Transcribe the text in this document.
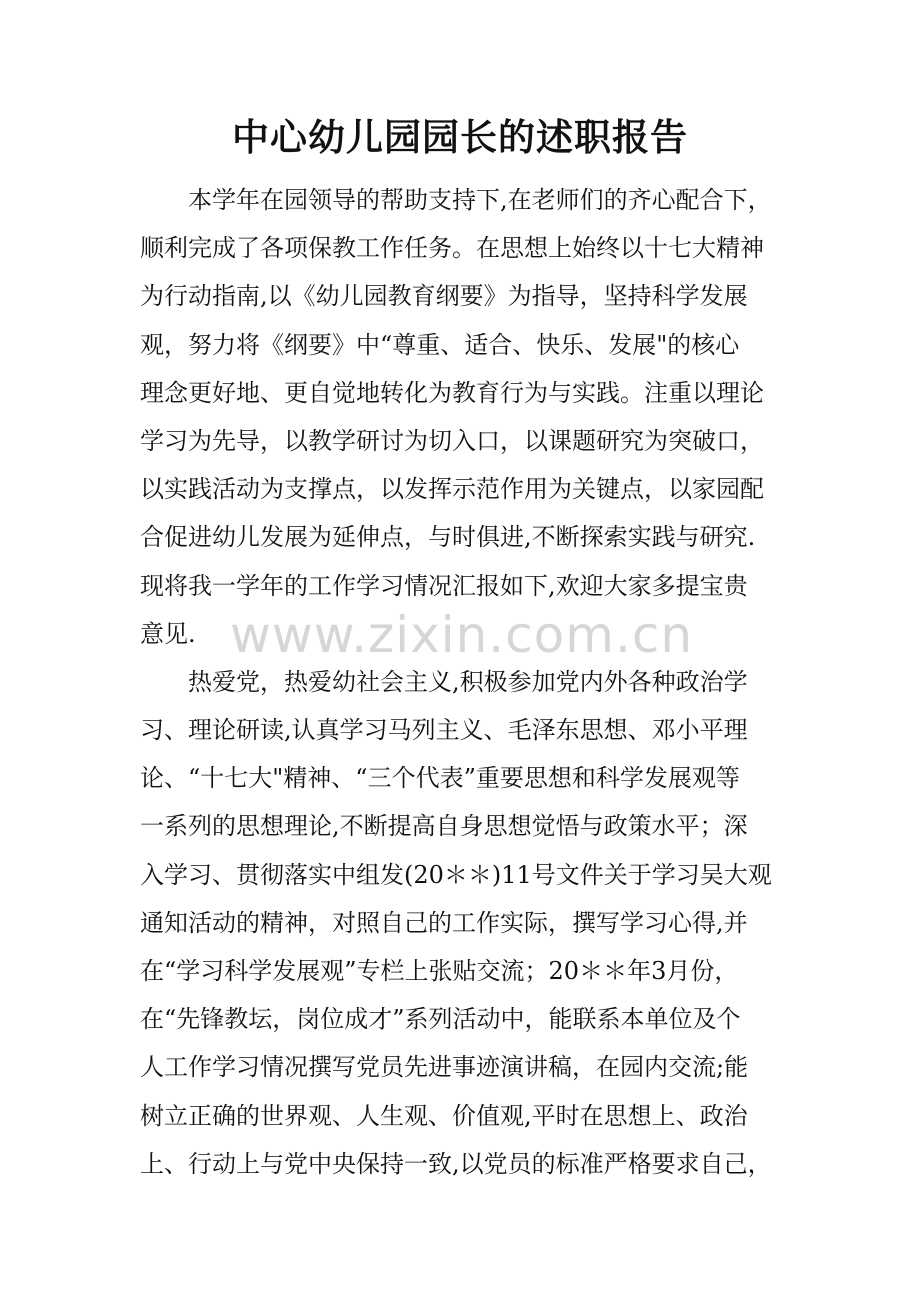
中心幼儿园园长的述职报告
本学年在园领导的帮助支持下,在老师们的齐心配合下，
顺利完成了各项保教工作任务。在思想上始终以十七大精神
为行动指南,以《幼儿园教育纲要》为指导，坚持科学发展
观，努力将《纲要》中“尊重、适合、快乐、发展"的核心
理念更好地、更自觉地转化为教育行为与实践。注重以理论
学习为先导，以教学研讨为切入口，以课题研究为突破口，
以实践活动为支撑点，以发挥示范作用为关键点，以家园配
合促进幼儿发展为延伸点，与时俱进,不断探索实践与研究.
现将我一学年的工作学习情况汇报如下,欢迎大家多提宝贵
意见.
热爱党，热爱幼社会主义,积极参加党内外各种政治学
习、理论研读,认真学习马列主义、毛泽东思想、邓小平理
论、“十七大"精神、“三个代表”重要思想和科学发展观等
一系列的思想理论,不断提高自身思想觉悟与政策水平；深
入学习、贯彻落实中组发(20＊＊)11号文件关于学习吴大观
通知活动的精神，对照自己的工作实际，撰写学习心得,并
在“学习科学发展观”专栏上张贴交流；20＊＊年3月份，
在“先锋教坛，岗位成才”系列活动中，能联系本单位及个
人工作学习情况撰写党员先进事迹演讲稿，在园内交流;能
树立正确的世界观、人生观、价值观,平时在思想上、政治
上、行动上与党中央保持一致,以党员的标准严格要求自己，
www.zixin.com.cn
